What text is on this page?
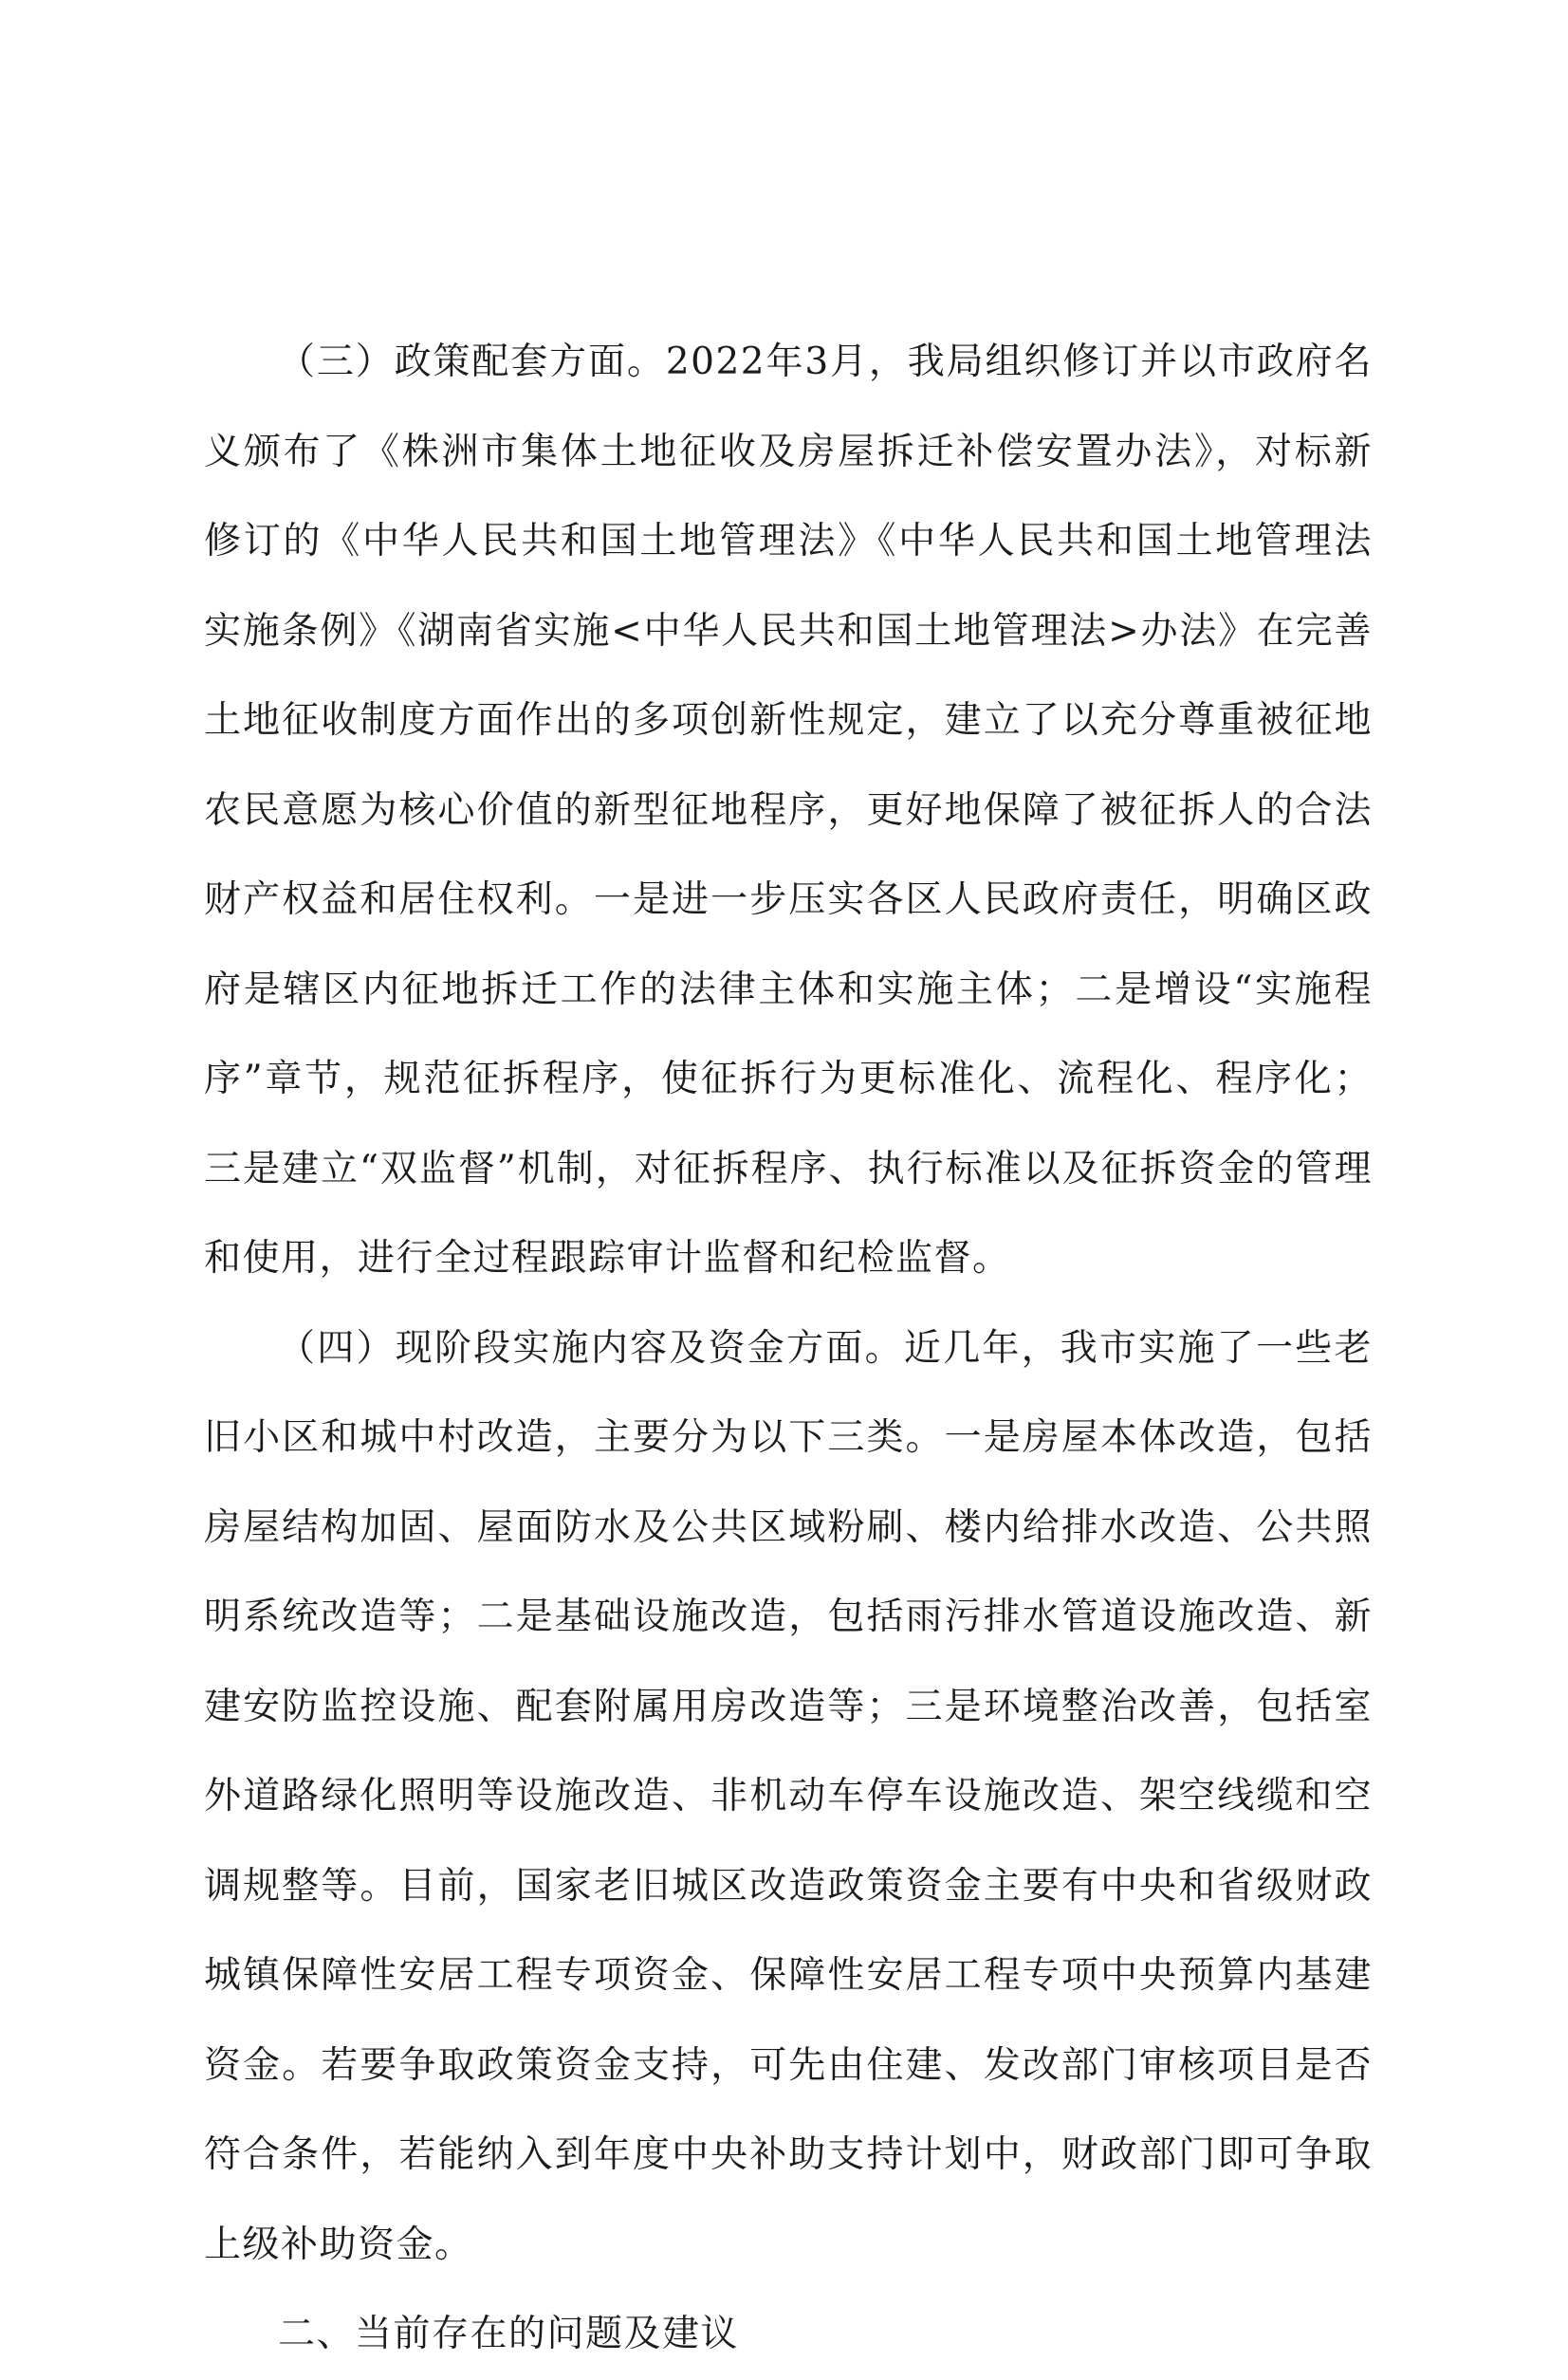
（三）政策配套方面。2022年3月，我局组织修订并以市政府名义颁布了《株洲市集体土地征收及房屋拆迁补偿安置办法》，对标新修订的《中华人民共和国土地管理法》《中华人民共和国土地管理法实施条例》《湖南省实施<中华人民共和国土地管理法>办法》在完善土地征收制度方面作出的多项创新性规定，建立了以充分尊重被征地农民意愿为核心价值的新型征地程序，更好地保障了被征拆人的合法财产权益和居住权利。一是进一步压实各区人民政府责任，明确区政府是辖区内征地拆迁工作的法律主体和实施主体；二是增设“实施程序”章节，规范征拆程序，使征拆行为更标准化、流程化、程序化；三是建立“双监督”机制，对征拆程序、执行标准以及征拆资金的管理和使用，进行全过程跟踪审计监督和纪检监督。

（四）现阶段实施内容及资金方面。近几年，我市实施了一些老旧小区和城中村改造，主要分为以下三类。一是房屋本体改造，包括房屋结构加固、屋面防水及公共区域粉刷、楼内给排水改造、公共照明系统改造等；二是基础设施改造，包括雨污排水管道设施改造、新建安防监控设施、配套附属用房改造等；三是环境整治改善，包括室外道路绿化照明等设施改造、非机动车停车设施改造、架空线缆和空调规整等。目前，国家老旧城区改造政策资金主要有中央和省级财政城镇保障性安居工程专项资金、保障性安居工程专项中央预算内基建资金。若要争取政策资金支持，可先由住建、发改部门审核项目是否符合条件，若能纳入到年度中央补助支持计划中，财政部门即可争取上级补助资金。

二、当前存在的问题及建议
